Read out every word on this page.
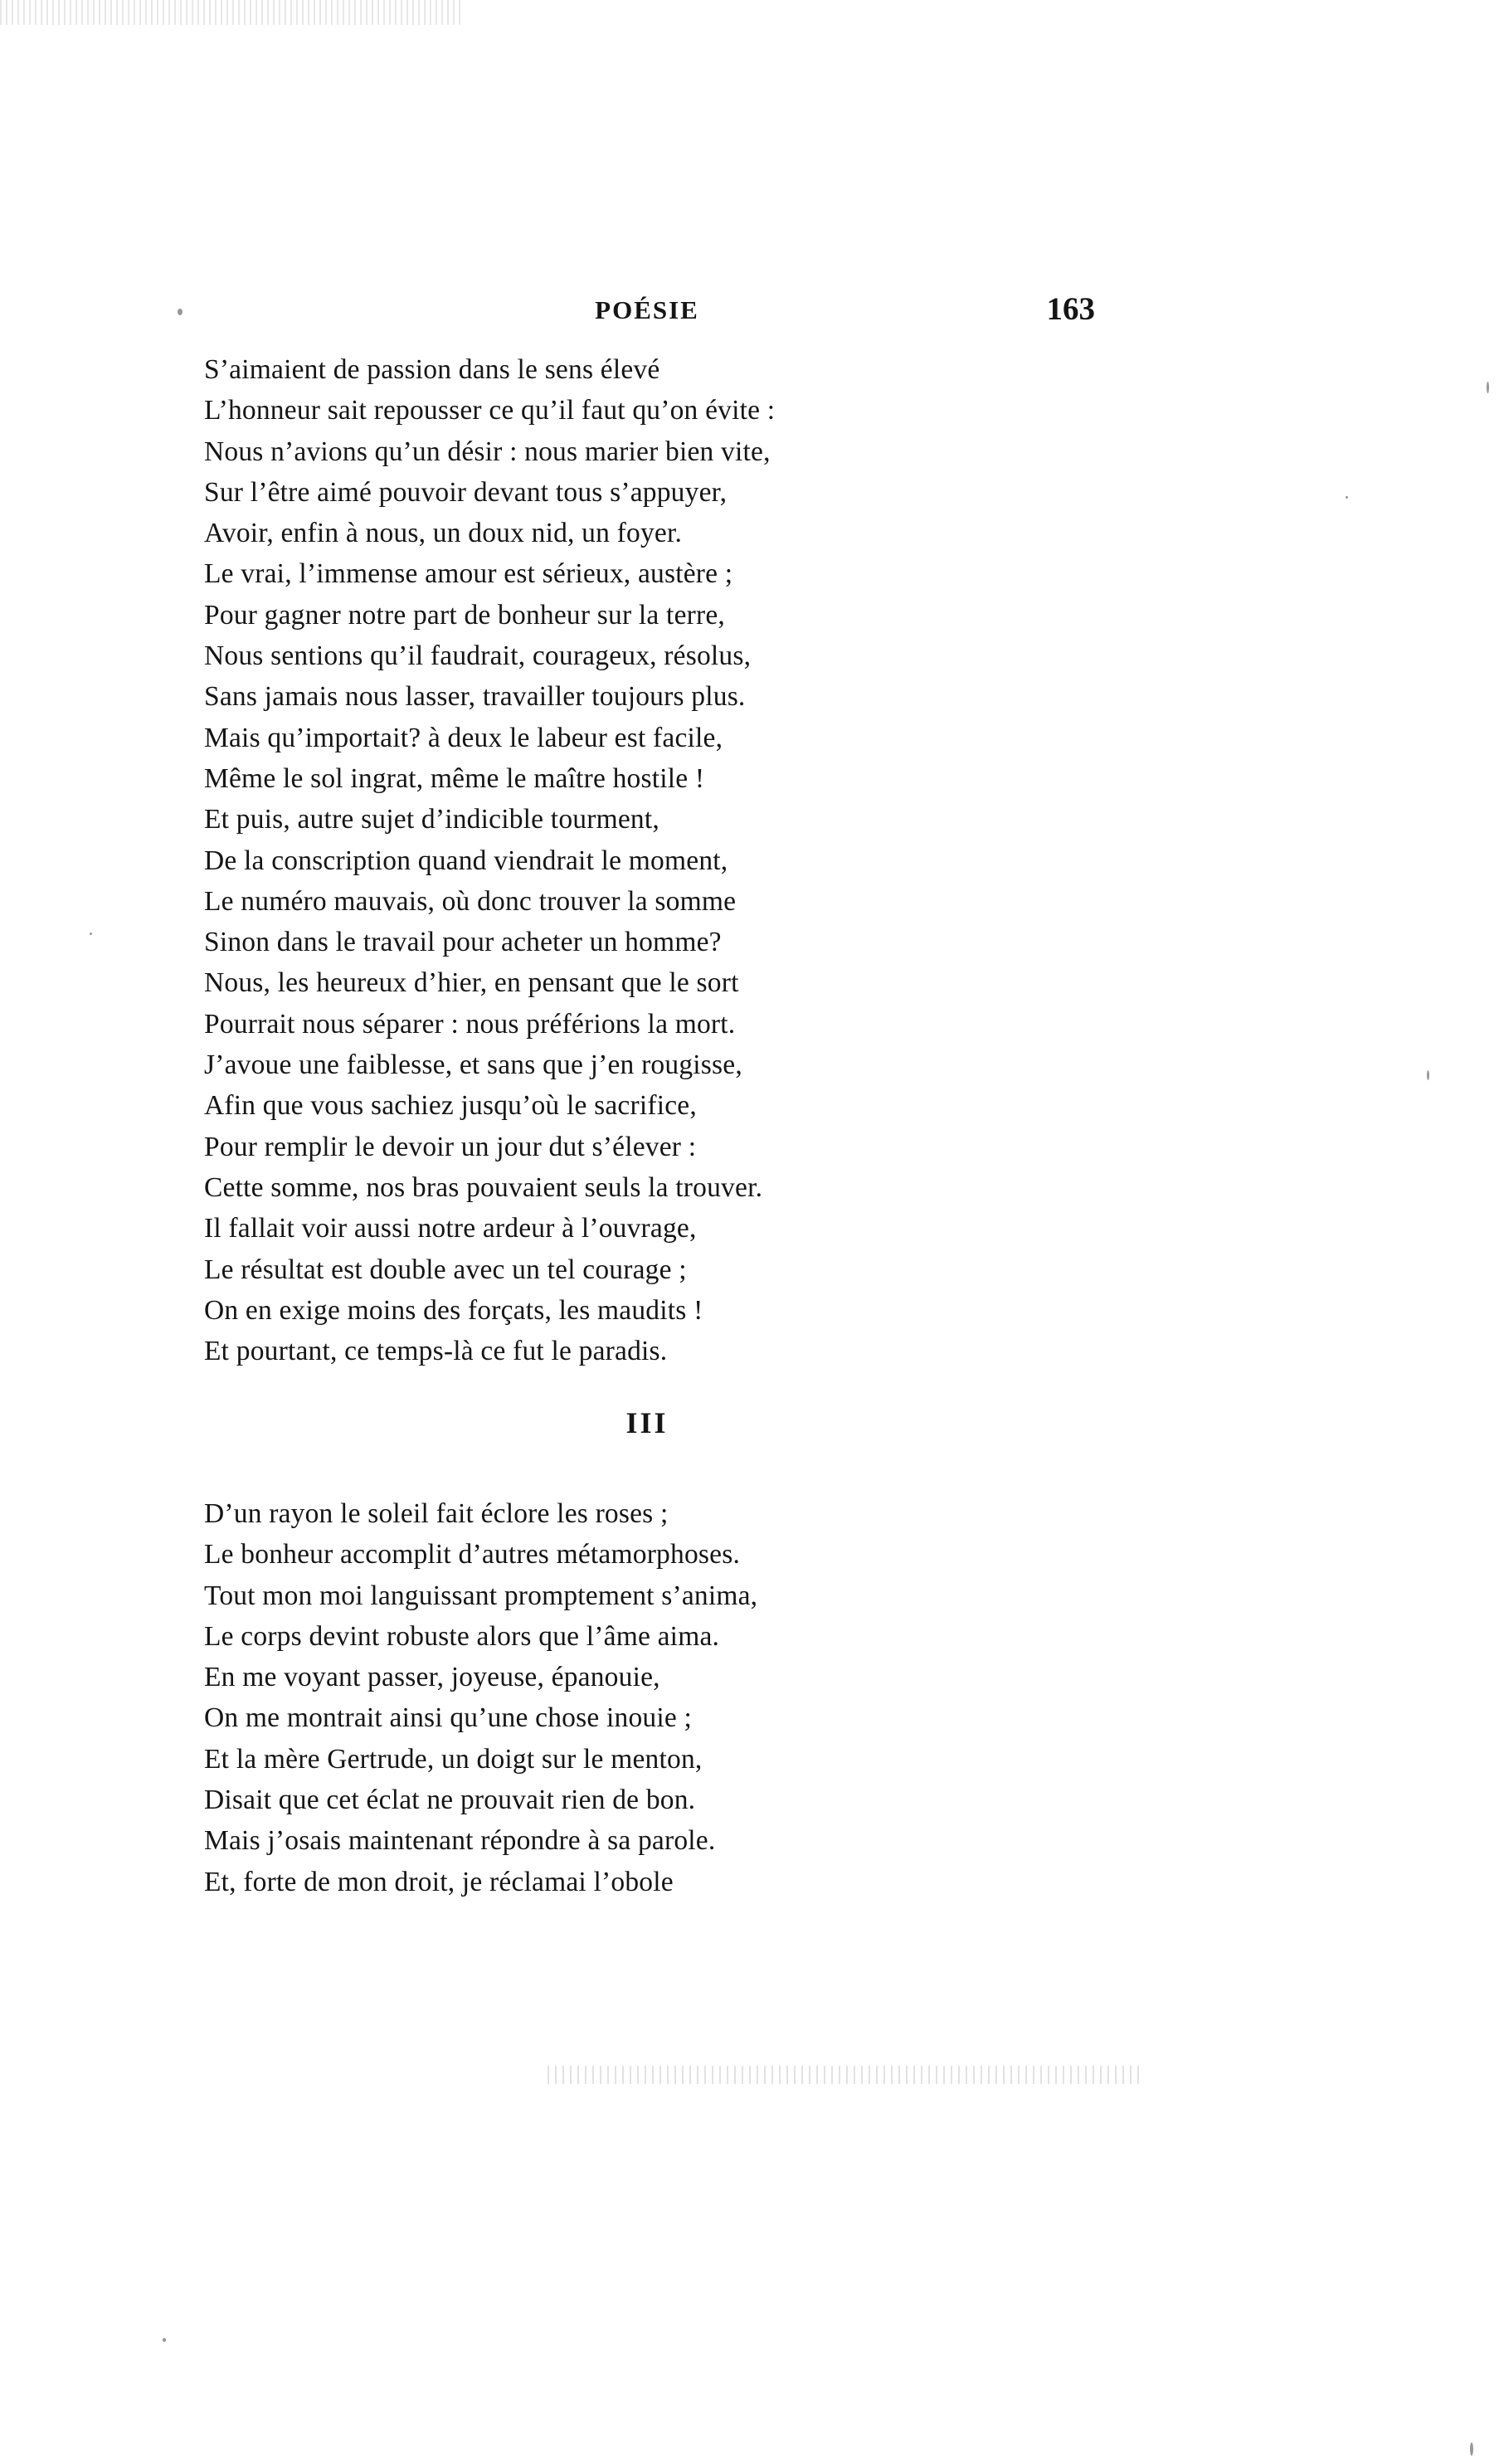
POÉSIE	163
S’aimaient de passion dans le sens élevé
L’honneur sait repousser ce qu’il faut qu’on évite :
Nous n’avions qu’un désir : nous marier bien vite,
Sur l’être aimé pouvoir devant tous s’appuyer,
Avoir, enfin à nous, un doux nid, un foyer.
Le vrai, l’immense amour est sérieux, austère ;
Pour gagner notre part de bonheur sur la terre,
Nous sentions qu’il faudrait, courageux, résolus,
Sans jamais nous lasser, travailler toujours plus.
Mais qu’importait? à deux le labeur est facile,
Même le sol ingrat, même le maître hostile !
Et puis, autre sujet d’indicible tourment,
De la conscription quand viendrait le moment,
Le numéro mauvais, où donc trouver la somme
Sinon dans le travail pour acheter un homme?
Nous, les heureux d’hier, en pensant que le sort
Pourrait nous séparer : nous préférions la mort.
J’avoue une faiblesse, et sans que j’en rougisse,
Afin que vous sachiez jusqu’où le sacrifice,
Pour remplir le devoir un jour dut s’élever :
Cette somme, nos bras pouvaient seuls la trouver.
Il fallait voir aussi notre ardeur à l’ouvrage,
Le résultat est double avec un tel courage ;
On en exige moins des forçats, les maudits !
Et pourtant, ce temps-là ce fut le paradis.
III
D’un rayon le soleil fait éclore les roses ;
Le bonheur accomplit d’autres métamorphoses.
Tout mon moi languissant promptement s’anima,
Le corps devint robuste alors que l’âme aima.
En me voyant passer, joyeuse, épanouie,
On me montrait ainsi qu’une chose inouie ;
Et la mère Gertrude, un doigt sur le menton,
Disait que cet éclat ne prouvait rien de bon.
Mais j’osais maintenant répondre à sa parole.
Et, forte de mon droit, je réclamai l’obole
